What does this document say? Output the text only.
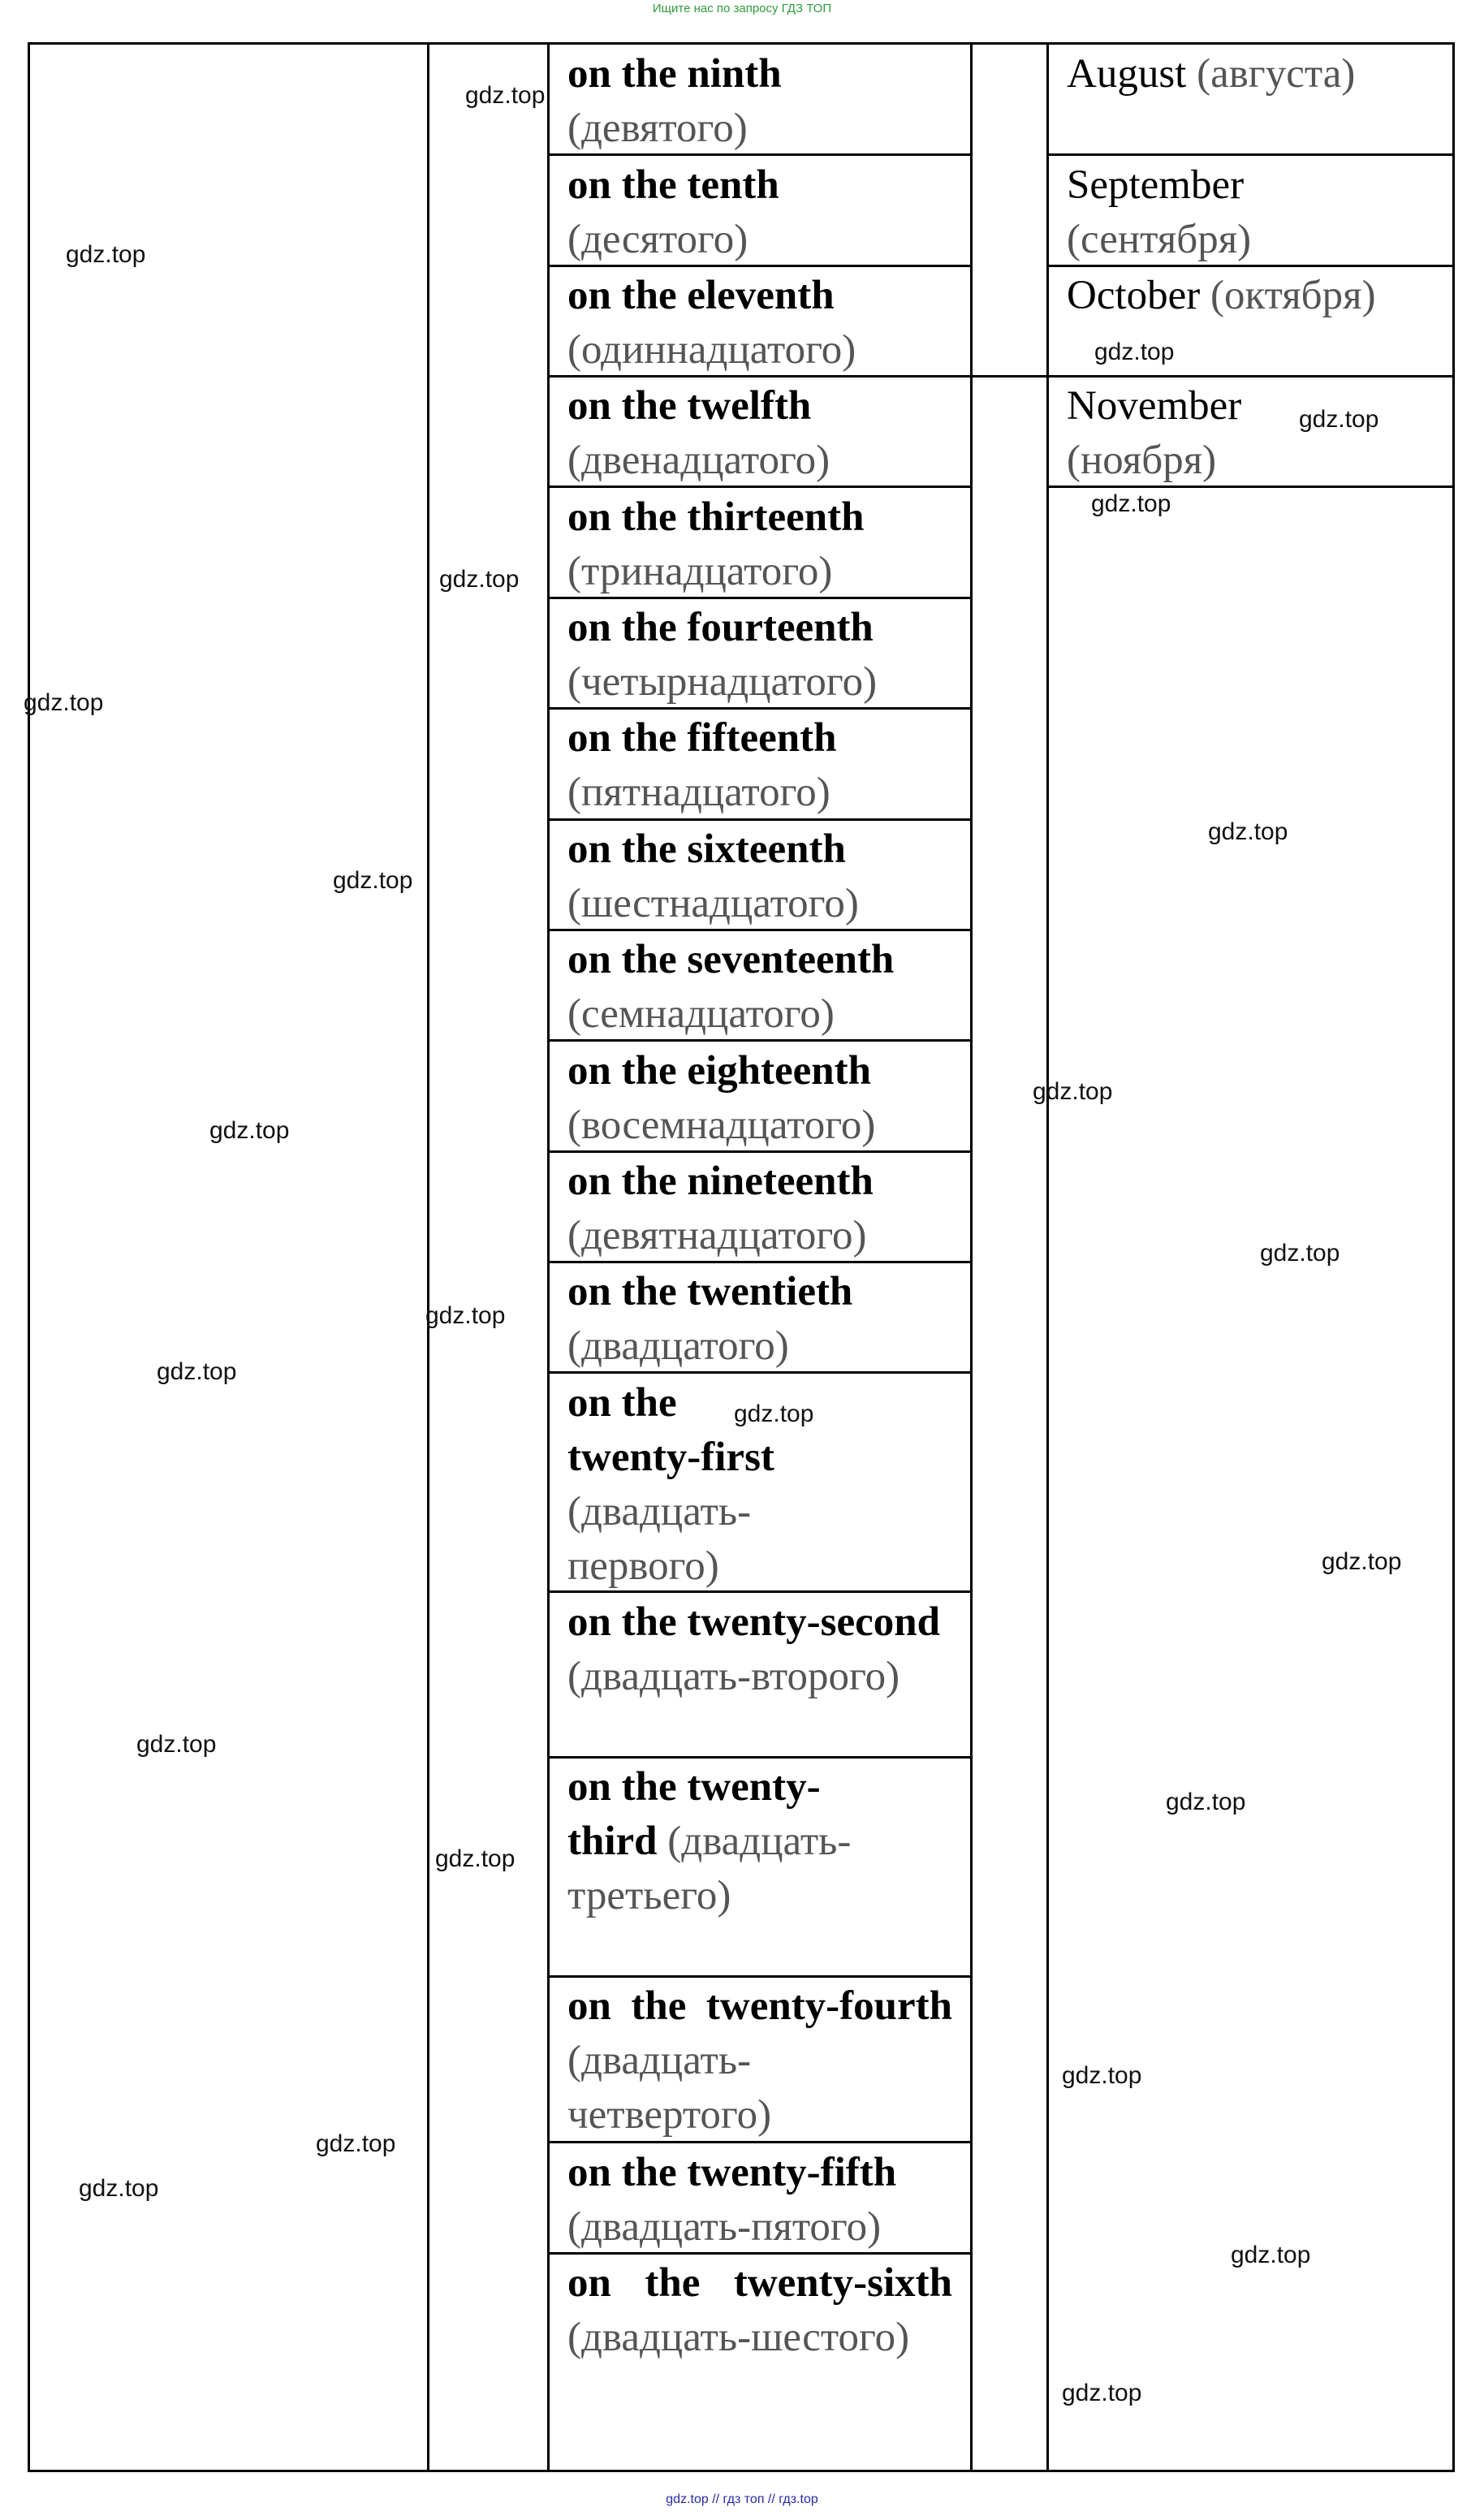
Ищите нас по запросу ГДЗ ТОП
on the ninth
(девятого)
on the tenth
(десятого)
on the eleventh
(одиннадцатого)
on the twelfth
(двенадцатого)
on the thirteenth
(тринадцатого)
on the fourteenth
(четырнадцатого)
on the fifteenth
(пятнадцатого)
on the sixteenth
(шестнадцатого)
on the seventeenth
(семнадцатого)
on the eighteenth
(восемнадцатого)
on the nineteenth
(девятнадцатого)
on the twentieth
(двадцатого)
on the twenty-first (двадцать-первого)
on the twenty-second (двадцать-второго)
on the twenty-third (двадцать-третьего)
on the twenty-fourth (двадцать-четвертого)
on the twenty-fifth
(двадцать-пятого)
on the twenty-sixth (двадцать-шестого)
August (августа)
September
(сентября)
October (октября)
November
(ноября)
gdz.top
gdz.top
gdz.top
gdz.top
gdz.top
gdz.top
gdz.top
gdz.top
gdz.top
gdz.top
gdz.top
gdz.top
gdz.top
gdz.top
gdz.top
gdz.top
gdz.top
gdz.top
gdz.top
gdz.top
gdz.top
gdz.top
gdz.top
gdz.top
gdz.top // гдз топ // гдз.top
